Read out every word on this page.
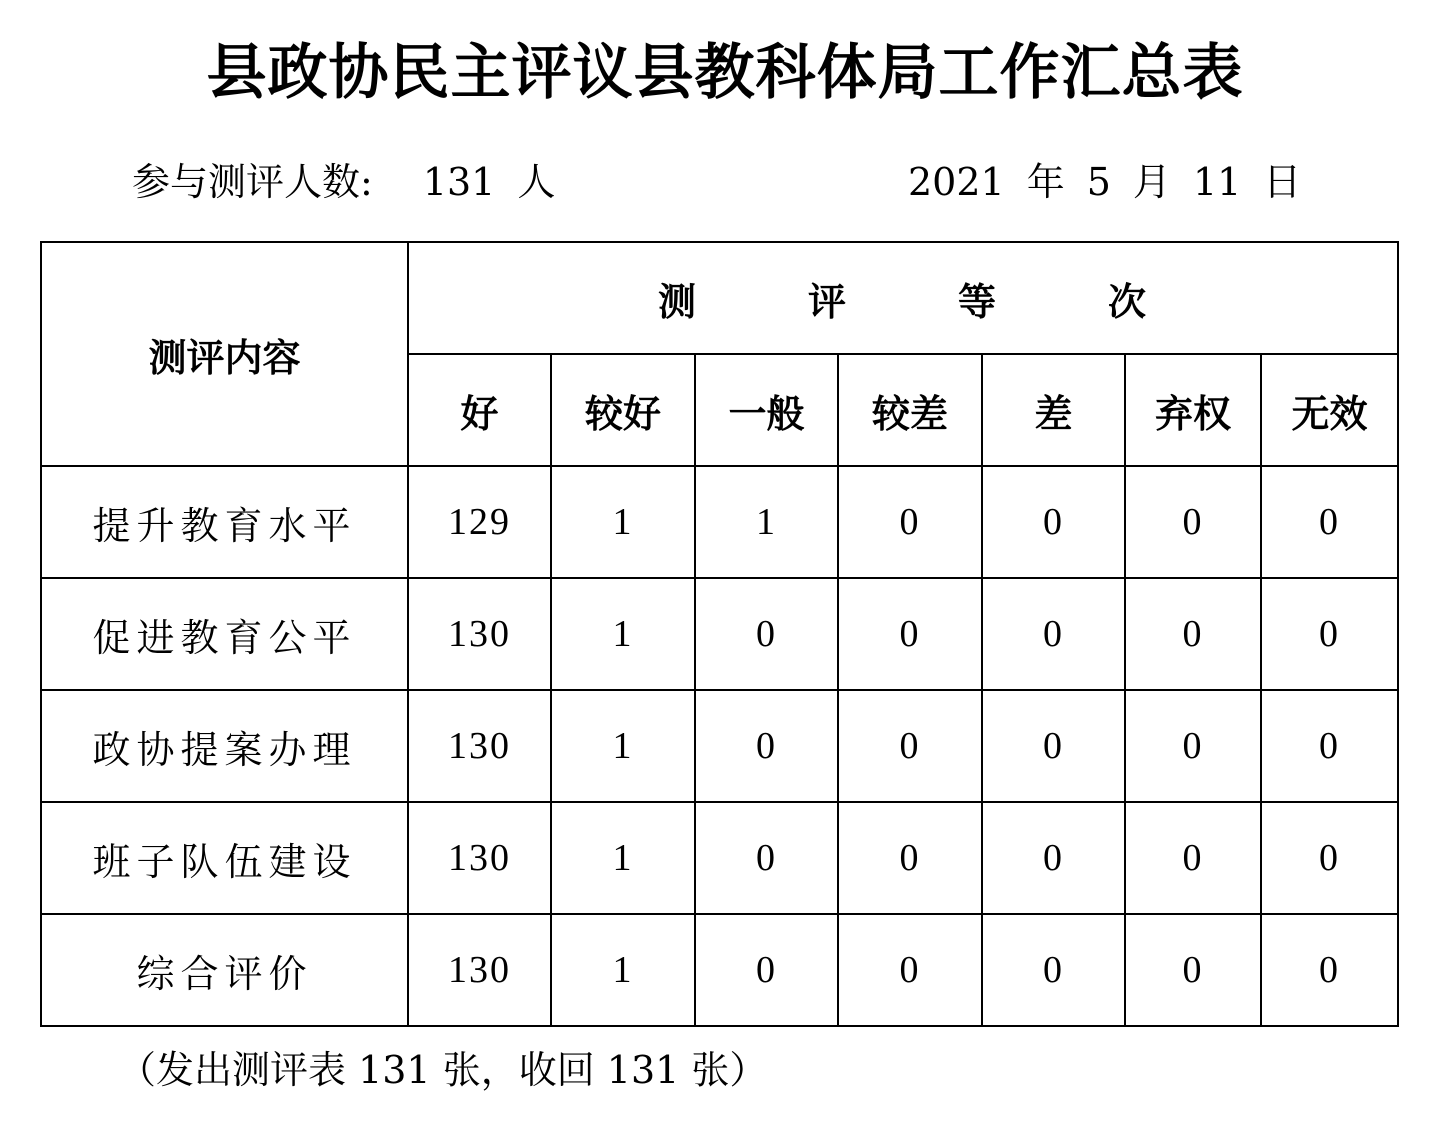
县政协民主评议县教科体局工作汇总表
参与测评人数: 131 人	2021 年 5 月 11 日
测评内容	测 评 等 次						
	好	较好	一般	较差	差	弃权	无效
提升教育水平	129	1	1	0	0	0	0
促进教育公平	130	1	0	0	0	0	0
政协提案办理	130	1	0	0	0	0	0
班子队伍建设	130	1	0	0	0	0	0
综合评价	130	1	0	0	0	0	0
（发出测评表 131 张，收回 131 张）
